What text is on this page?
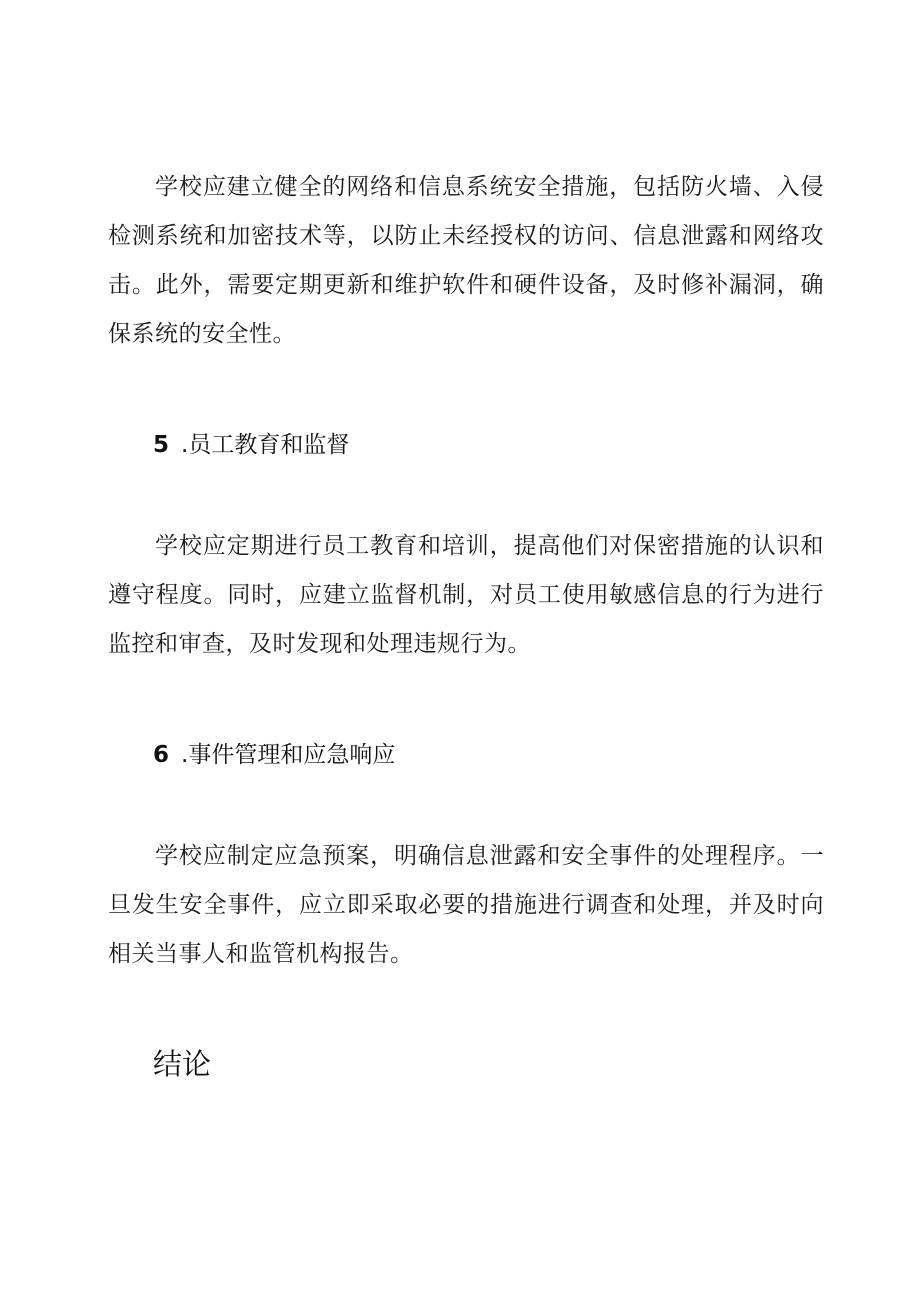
学校应建立健全的网络和信息系统安全措施，包括防火墙、入侵检测系统和加密技术等，以防止未经授权的访问、信息泄露和网络攻击。此外，需要定期更新和维护软件和硬件设备，及时修补漏洞，确保系统的安全性。

5 .员工教育和监督

学校应定期进行员工教育和培训，提高他们对保密措施的认识和遵守程度。同时，应建立监督机制，对员工使用敏感信息的行为进行监控和审查，及时发现和处理违规行为。

6 .事件管理和应急响应

学校应制定应急预案，明确信息泄露和安全事件的处理程序。一旦发生安全事件，应立即采取必要的措施进行调查和处理，并及时向相关当事人和监管机构报告。

结论
